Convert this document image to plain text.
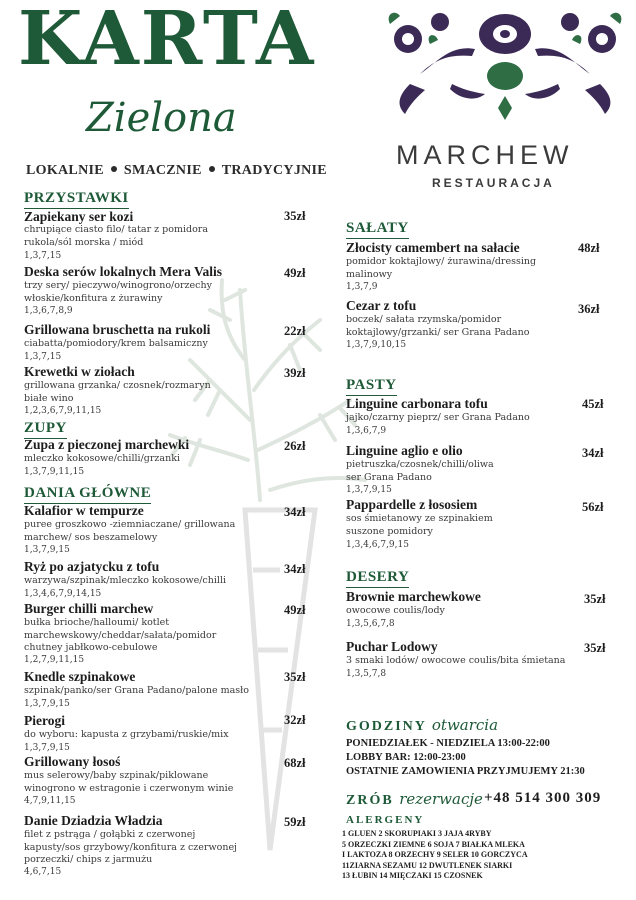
KARTA
Zielona
LOKALNIE SMACZNIE TRADYCYJNIE
MARCHEW
RESTAURACJA
PRZYSTAWKI
Zapiekany ser kozi	35zł
chrupiące ciasto filo/ tatar z pomidora
rukola/sól morska / miód
1,3,7,15
Deska serów lokalnych Mera Valis	49zł
trzy sery/ pieczywo/winogrono/orzechy
włoskie/konfitura z żurawiny
1,3,6,7,8,9
Grillowana bruschetta na rukoli	22zł
ciabatta/pomiodory/krem balsamiczny
1,3,7,15
Krewetki w ziołach	39zł
grillowana grzanka/ czosnek/rozmaryn
białe wino
1,2,3,6,7,9,11,15
ZUPY
Zupa z pieczonej marchewki	26zł
mleczko kokosowe/chilli/grzanki
1,3,7,9,11,15
DANIA GŁÓWNE
Kalafior w tempurze	34zł
puree groszkowo -ziemniaczane/ grillowana
marchew/ sos beszamelowy
1,3,7,9,15
Ryż po azjatycku z tofu	34zł
warzywa/szpinak/mleczko kokosowe/chilli
1,3,4,6,7,9,14,15
Burger chilli marchew	49zł
bułka brioche/halloumi/ kotlet
marchewskowy/cheddar/sałata/pomidor
chutney jabłkowo-cebulowe
1,2,7,9,11,15
Knedle szpinakowe	35zł
szpinak/panko/ser Grana Padano/palone masło
1,3,7,9,15
Pierogi	32zł
do wyboru: kapusta z grzybami/ruskie/mix
1,3,7,9,15
Grillowany łosoś	68zł
mus selerowy/baby szpinak/piklowane
winogrono w estragonie i czerwonym winie
4,7,9,11,15
Danie Dziadzia Władzia	59zł
filet z pstrąga / gołąbki z czerwonej
kapusty/sos grzybowy/konfitura z czerwonej
porzeczki/ chips z jarmużu
4,6,7,15
SAŁATY
Złocisty camembert na sałacie	48zł
pomidor koktajlowy/ żurawina/dressing
malinowy
1,3,7,9
Cezar z tofu	36zł
boczek/ sałata rzymska/pomidor
koktajlowy/grzanki/ ser Grana Padano
1,3,7,9,10,15
PASTY
Linguine carbonara tofu	45zł
jajko/czarny pieprz/ ser Grana Padano
1,3,6,7,9
Linguine aglio e olio	34zł
pietruszka/czosnek/chilli/oliwa
ser Grana Padano
1,3,7,9,15
Pappardelle z łososiem	56zł
sos śmietanowy ze szpinakiem
suszone pomidory
1,3,4,6,7,9,15
DESERY
Brownie marchewkowe	35zł
owocowe coulis/lody
1,3,5,6,7,8
Puchar Lodowy	35zł
3 smaki lodów/ owocowe coulis/bita śmietana
1,3,5,7,8
GODZINY otwarcia
PONIEDZIAŁEK - NIEDZIELA 13:00-22:00
LOBBY BAR: 12:00-23:00
OSTATNIE ZAMOWIENIA PRZYJMUJEMY 21:30
ZRÓB rezerwacje +48 514 300 309
ALERGENY
1 GLUEN 2 SKORUPIAKI 3 JAJA 4RYBY
5 ORZECZKI ZIEMNE 6 SOJA 7 BIAŁKA MLEKA
I LAKTOZA 8 ORZECHY 9 SELER 10 GORCZYCA
11ZIARNA SEZAMU 12 DWUTLENEK SIARKI
13 ŁUBIN 14 MIĘCZAKI 15 CZOSNEK
